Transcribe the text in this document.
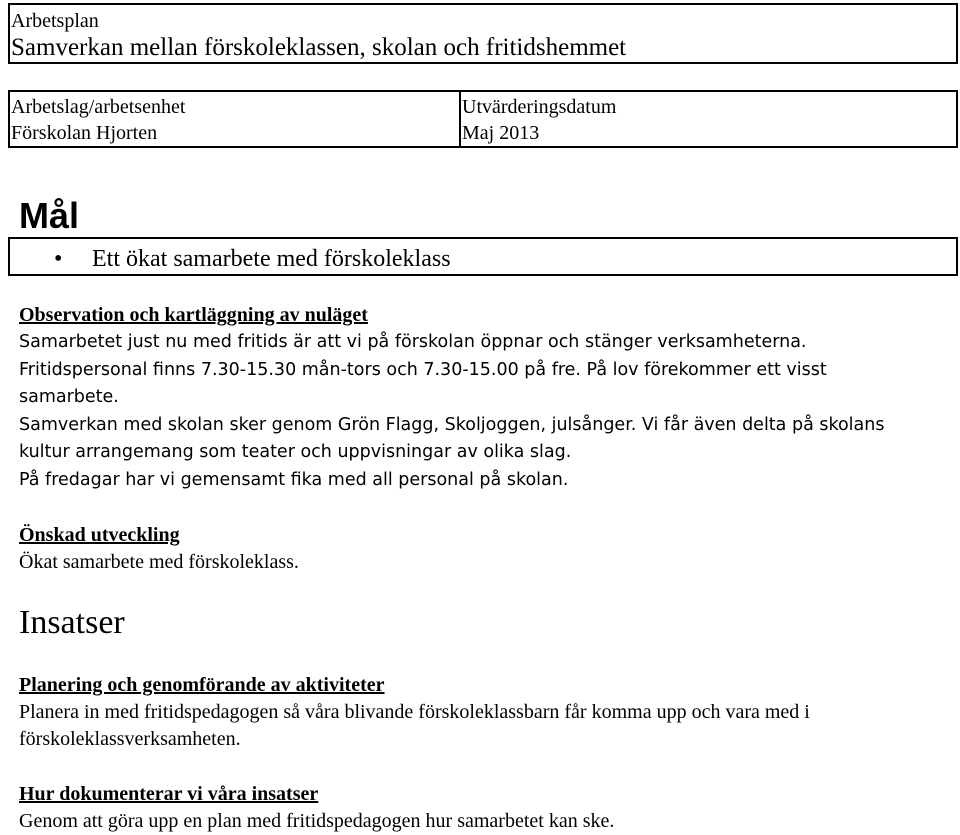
Arbetsplan
Samverkan mellan förskoleklassen, skolan och fritidshemmet
Arbetslag/arbetsenhet
Förskolan Hjorten
Utvärderingsdatum
Maj 2013
Mål
• Ett ökat samarbete med förskoleklass
Observation och kartläggning av nuläget
Samarbetet just nu med fritids är att vi på förskolan öppnar och stänger verksamheterna.
Fritidspersonal finns 7.30-15.30 mån-tors och 7.30-15.00 på fre. På lov förekommer ett visst
samarbete.
Samverkan med skolan sker genom Grön Flagg, Skoljoggen, julsånger. Vi får även delta på skolans
kultur arrangemang som teater och uppvisningar av olika slag.
På fredagar har vi gemensamt fika med all personal på skolan.
Önskad utveckling
Ökat samarbete med förskoleklass.
Insatser
Planering och genomförande av aktiviteter
Planera in med fritidspedagogen så våra blivande förskoleklassbarn får komma upp och vara med i
förskoleklassverksamheten.
Hur dokumenterar vi våra insatser
Genom att göra upp en plan med fritidspedagogen hur samarbetet kan ske.
